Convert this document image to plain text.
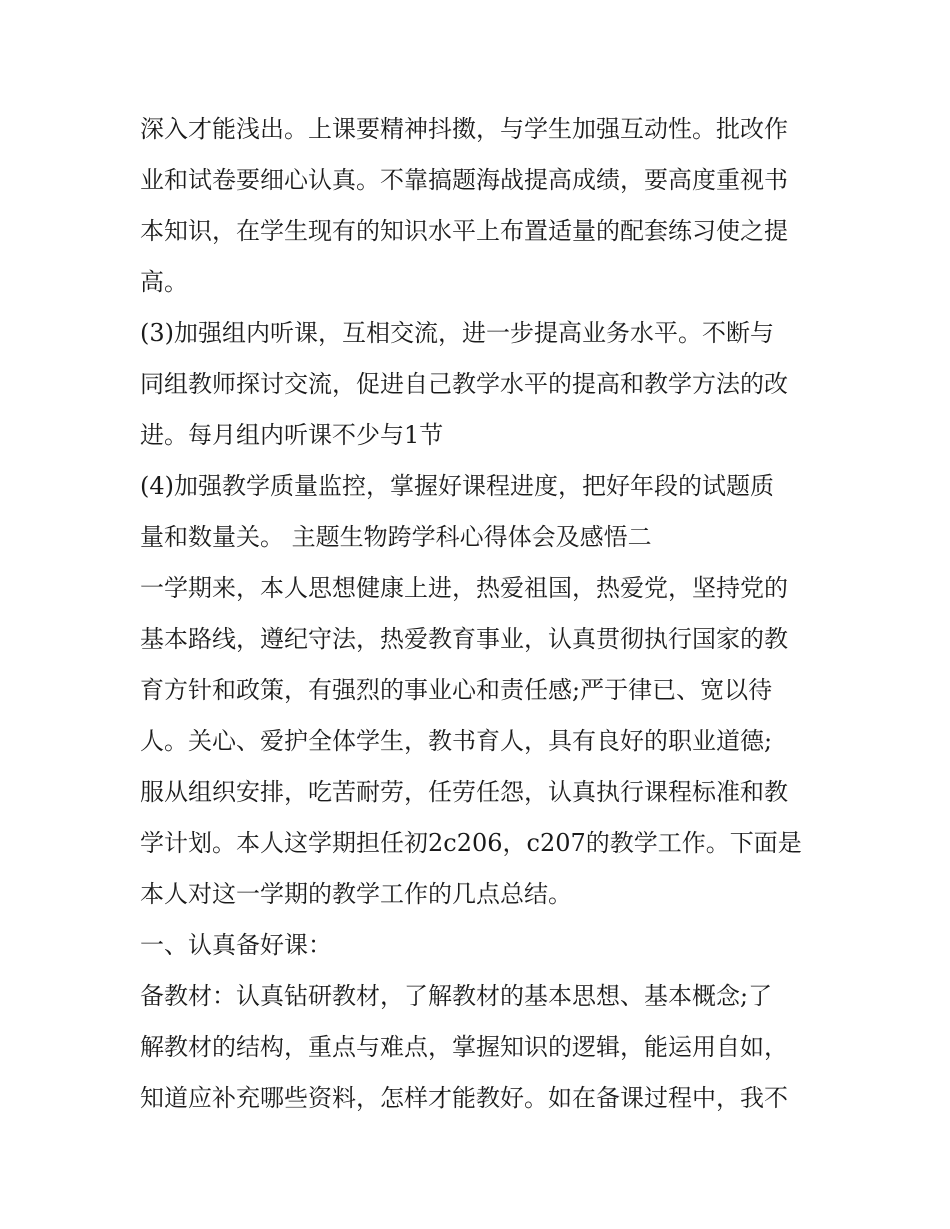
深入才能浅出。上课要精神抖擞，与学生加强互动性。批改作
业和试卷要细心认真。不靠搞题海战提高成绩，要高度重视书
本知识，在学生现有的知识水平上布置适量的配套练习使之提
高。
(3)加强组内听课，互相交流，进一步提高业务水平。不断与
同组教师探讨交流，促进自己教学水平的提高和教学方法的改
进。每月组内听课不少与1节
(4)加强教学质量监控，掌握好课程进度，把好年段的试题质
量和数量关。 主题生物跨学科心得体会及感悟二
一学期来，本人思想健康上进，热爱祖国，热爱党，坚持党的
基本路线，遵纪守法，热爱教育事业，认真贯彻执行国家的教
育方针和政策，有强烈的事业心和责任感;严于律已、宽以待
人。关心、爱护全体学生，教书育人，具有良好的职业道德;
服从组织安排，吃苦耐劳，任劳任怨，认真执行课程标准和教
学计划。本人这学期担任初2c206，c207的教学工作。下面是
本人对这一学期的教学工作的几点总结。
一、认真备好课：
备教材：认真钻研教材，了解教材的基本思想、基本概念;了
解教材的结构，重点与难点，掌握知识的逻辑，能运用自如，
知道应补充哪些资料，怎样才能教好。如在备课过程中，我不
